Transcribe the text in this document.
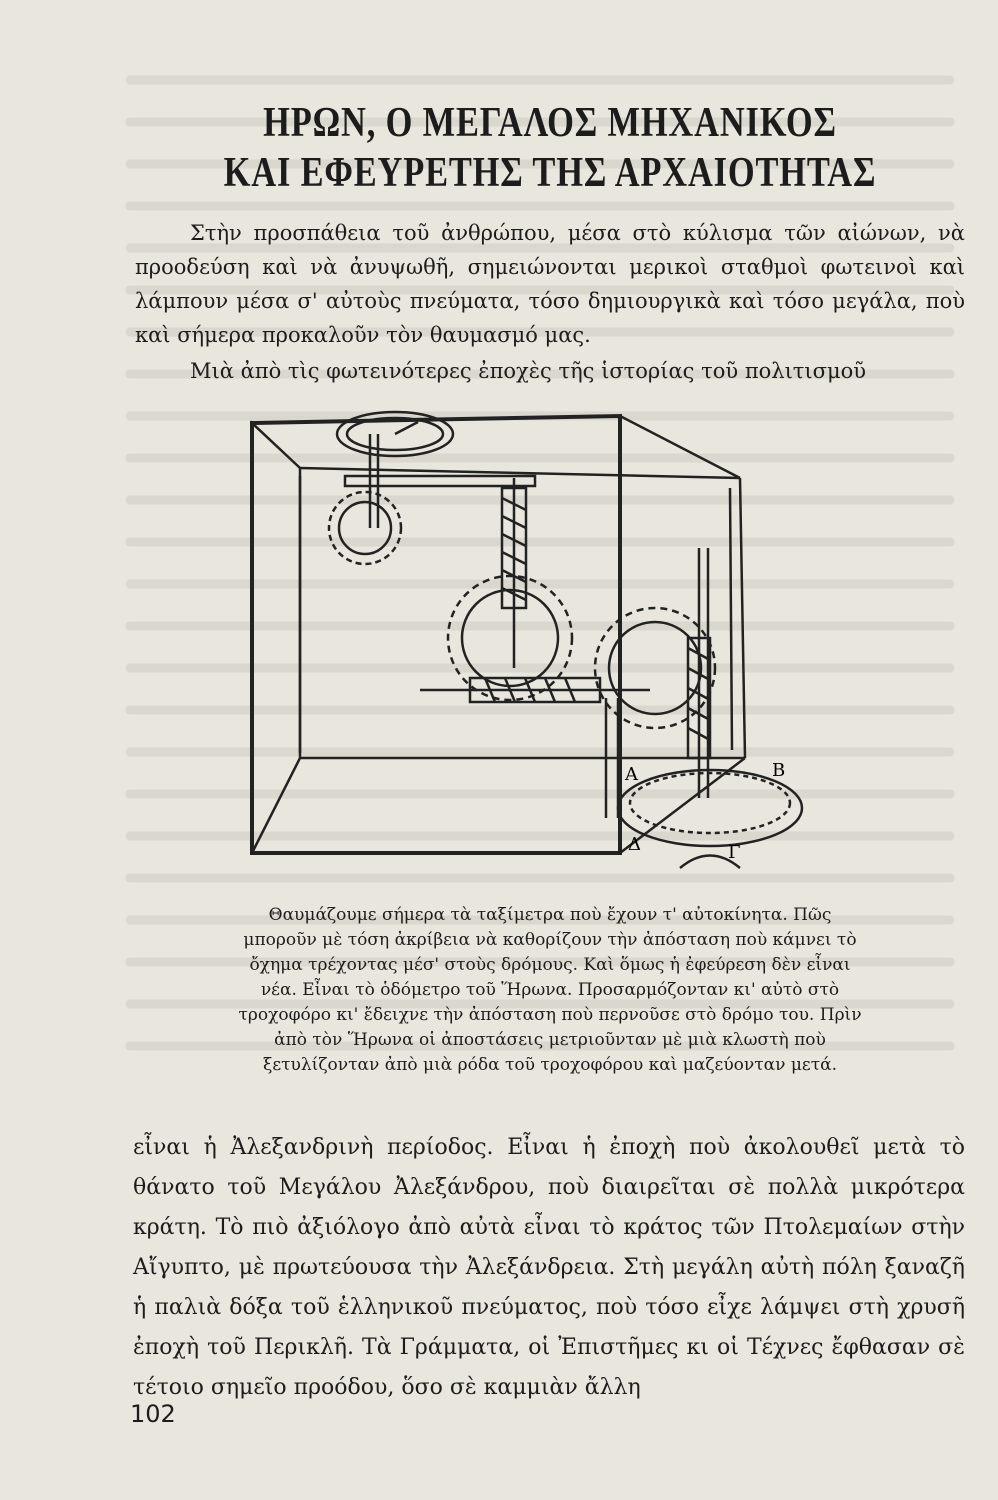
ΗΡΩΝ, Ο ΜΕΓΑΛΟΣ ΜΗΧΑΝΙΚΟΣ
ΚΑΙ ΕΦΕΥΡΕΤΗΣ ΤΗΣ ΑΡΧΑΙΟΤΗΤΑΣ

Στὴν προσπάθεια τοῦ ἀνθρώπου, μέσα στὸ κύλισμα τῶν αἰώνων, νὰ προοδεύση καὶ νὰ ἀνυψωθῆ, σημειώνονται μερικοὶ σταθμοὶ φωτεινοὶ καὶ λάμπουν μέσα σ' αὐτοὺς πνεύματα, τόσο δημιουργικὰ καὶ τόσο μεγάλα, ποὺ καὶ σήμερα προκαλοῦν τὸν θαυμασμό μας.

Μιὰ ἀπὸ τὶς φωτεινότερες ἐποχὲς τῆς ἱστορίας τοῦ πολιτισμοῦ

Α	Β
Γ
Δ

Θαυμάζουμε σήμερα τὰ ταξίμετρα ποὺ ἔχουν τ' αὐτοκίνητα. Πῶς μποροῦν μὲ τόση ἀκρίβεια νὰ καθορίζουν τὴν ἀπόσταση ποὺ κάμνει τὸ ὄχημα τρέχοντας μέσ' στοὺς δρόμους. Καὶ ὅμως ἡ ἐφεύρεση δὲν εἶναι νέα. Εἶναι τὸ ὁδόμετρο τοῦ Ἥρωνα. Προσαρμόζονταν κι' αὐτὸ στὸ τροχοφόρο κι' ἔδειχνε τὴν ἀπόσταση ποὺ περνοῦσε στὸ δρόμο του. Πρὶν ἀπὸ τὸν Ἥρωνα οἱ ἀποστάσεις μετριοῦνταν μὲ μιὰ κλωστὴ ποὺ ξετυλίζονταν ἀπὸ μιὰ ρόδα τοῦ τροχοφόρου καὶ μαζεύονταν μετά.

εἶναι ἡ Ἀλεξανδρινὴ περίοδος. Εἶναι ἡ ἐποχὴ ποὺ ἀκολουθεῖ μετὰ τὸ θάνατο τοῦ Μεγάλου Ἀλεξάνδρου, ποὺ διαιρεῖται σὲ πολλὰ μικρότερα κράτη. Τὸ πιὸ ἀξιόλογο ἀπὸ αὐτὰ εἶναι τὸ κράτος τῶν Πτολεμαίων στὴν Αἴγυπτο, μὲ πρωτεύουσα τὴν Ἀλεξάνδρεια. Στὴ μεγάλη αὐτὴ πόλη ξαναζῆ ἡ παλιὰ δόξα τοῦ ἑλληνικοῦ πνεύματος, ποὺ τόσο εἶχε λάμψει στὴ χρυσῆ ἐποχὴ τοῦ Περικλῆ. Τὰ Γράμματα, οἱ Ἐπιστῆμες κι οἱ Τέχνες ἔφθασαν σὲ τέτοιο σημεῖο προόδου, ὅσο σὲ καμμιὰν ἄλλη

102
